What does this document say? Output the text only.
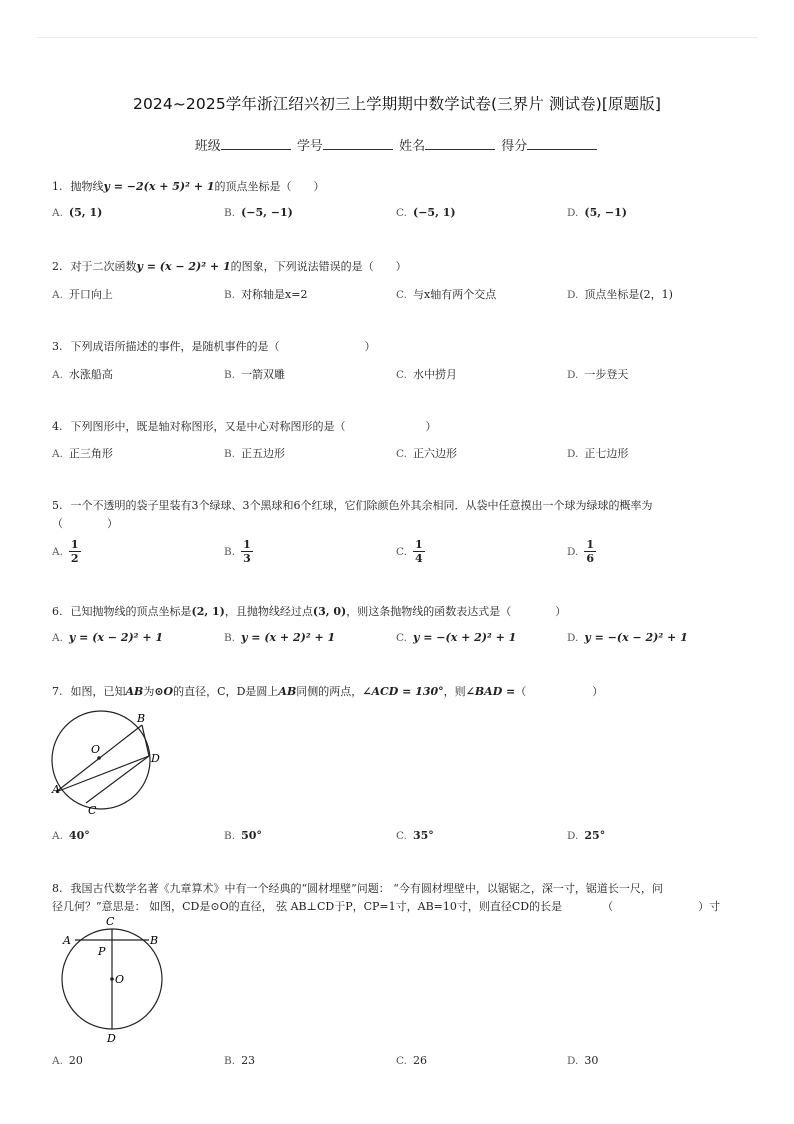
2024~2025学年浙江绍兴初三上学期期中数学试卷(三界片 测试卷)[原题版]
班级	学号	姓名	得分
1. 抛物线y = −2(x + 5)² + 1的顶点坐标是（　　）
A. (5, 1)	B. (−5, −1)	C. (−5, 1)	D. (5, −1)
2. 对于二次函数y = (x − 2)² + 1的图象，下列说法错误的是（　　）
A. 开口向上	B. 对称轴是x=2	C. 与x轴有两个交点	D. 顶点坐标是(2，1)
3. 下列成语所描述的事件，是随机事件的是（	）
A. 水涨船高	B. 一箭双雕	C. 水中捞月	D. 一步登天
4. 下列图形中，既是轴对称图形，又是中心对称图形的是（	）
A. 正三角形	B. 正五边形	C. 正六边形	D. 正七边形
5. 一个不透明的袋子里装有3个绿球、3个黑球和6个红球，它们除颜色外其余相同．从袋中任意摸出一个球为绿球的概率为
（　　　　）
A. $\frac{1}{2}$	B. $\frac{1}{3}$	C. $\frac{1}{4}$	D. $\frac{1}{6}$
6. 已知抛物线的顶点坐标是(2, 1)，且抛物线经过点(3, 0)，则这条抛物线的函数表达式是（　　　　）
A. y = (x − 2)² + 1	B. y = (x + 2)² + 1	C. y = −(x + 2)² + 1	D. y = −(x − 2)² + 1
7. 如图，已知AB为⊙O的直径，C，D是圆上AB同侧的两点，∠ACD = 130°，则∠BAD =（　　　　　　）
B
O
D
A
C
A. 40°	B. 50°	C. 35°	D. 25°
8. 我国古代数学名著《九章算术》中有一个经典的“圆材埋壁”问题： “今有圆材埋壁中，以锯锯之，深一寸，锯道长一尺，问
径几何？”意思是： 如图，CD是⊙O的直径， 弦 AB⊥CD于P，CP=1寸，AB=10寸，则直径CD的长是	（	）寸
C
A	B
P
O
D
A. 20	B. 23	C. 26	D. 30
